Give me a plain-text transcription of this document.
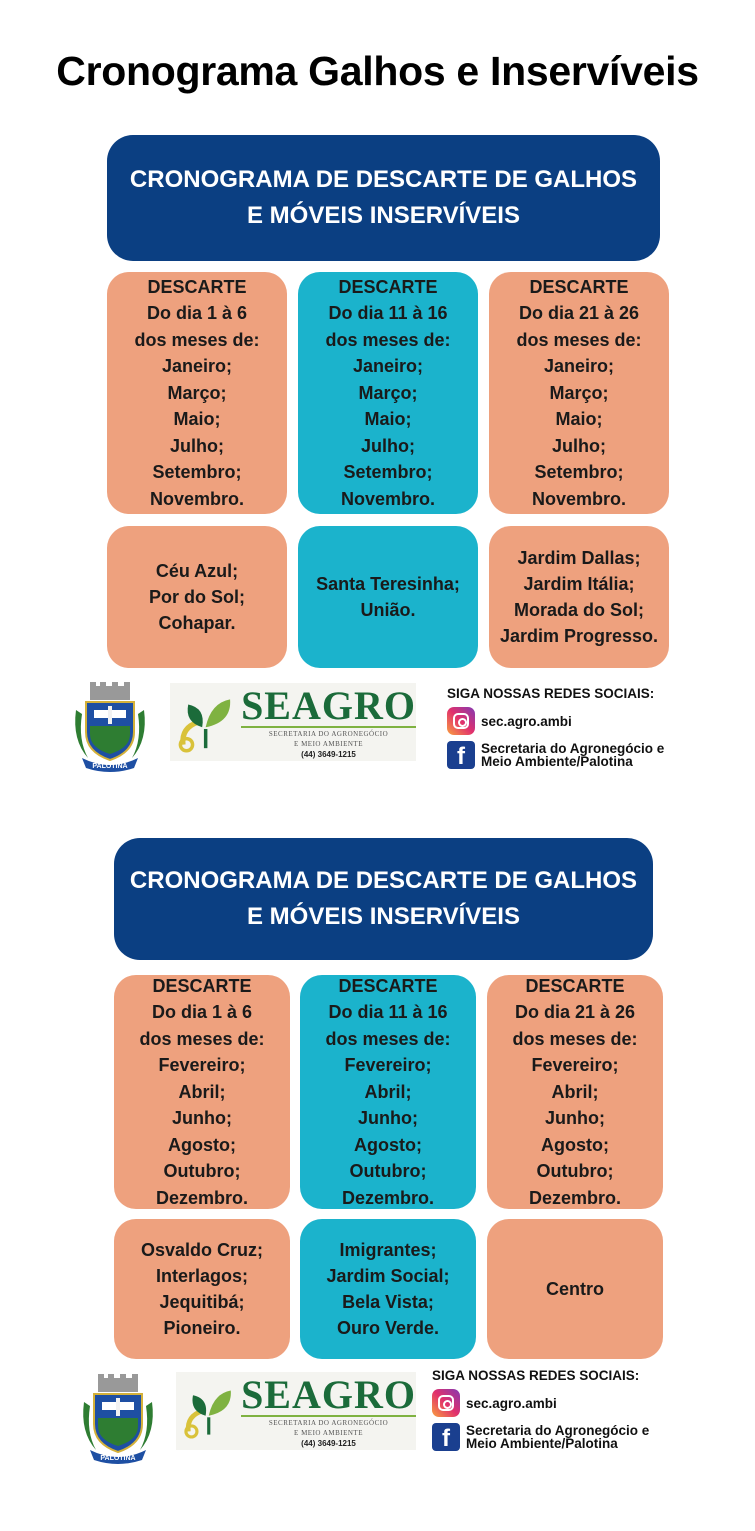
Cronograma Galhos e Inservíveis
CRONOGRAMA DE DESCARTE DE GALHOS
E MÓVEIS INSERVÍVEIS
DESCARTE
Do dia 1 à 6
dos meses de:
Janeiro;
Março;
Maio;
Julho;
Setembro;
Novembro.
DESCARTE
Do dia 11 à 16
dos meses de:
Janeiro;
Março;
Maio;
Julho;
Setembro;
Novembro.
DESCARTE
Do dia 21 à 26
dos meses de:
Janeiro;
Março;
Maio;
Julho;
Setembro;
Novembro.
Céu Azul;
Por do Sol;
Cohapar.
Santa Teresinha;
União.
Jardim Dallas;
Jardim Itália;
Morada do Sol;
Jardim Progresso.
PALOTINA
SEAGRO
SECRETARIA DO AGRONEGÓCIO
E MEIO AMBIENTE
(44) 3649-1215
SIGA NOSSAS REDES SOCIAIS:
sec.agro.ambi
f	Secretaria do Agronegócio e
Meio Ambiente/Palotina
CRONOGRAMA DE DESCARTE DE GALHOS
E MÓVEIS INSERVÍVEIS
DESCARTE
Do dia 1 à 6
dos meses de:
Fevereiro;
Abril;
Junho;
Agosto;
Outubro;
Dezembro.
DESCARTE
Do dia 11 à 16
dos meses de:
Fevereiro;
Abril;
Junho;
Agosto;
Outubro;
Dezembro.
DESCARTE
Do dia 21 à 26
dos meses de:
Fevereiro;
Abril;
Junho;
Agosto;
Outubro;
Dezembro.
Osvaldo Cruz;
Interlagos;
Jequitibá;
Pioneiro.
Imigrantes;
Jardim Social;
Bela Vista;
Ouro Verde.
Centro
PALOTINA
SEAGRO
SECRETARIA DO AGRONEGÓCIO
E MEIO AMBIENTE
(44) 3649-1215
SIGA NOSSAS REDES SOCIAIS:
sec.agro.ambi
f	Secretaria do Agronegócio e
Meio Ambiente/Palotina
